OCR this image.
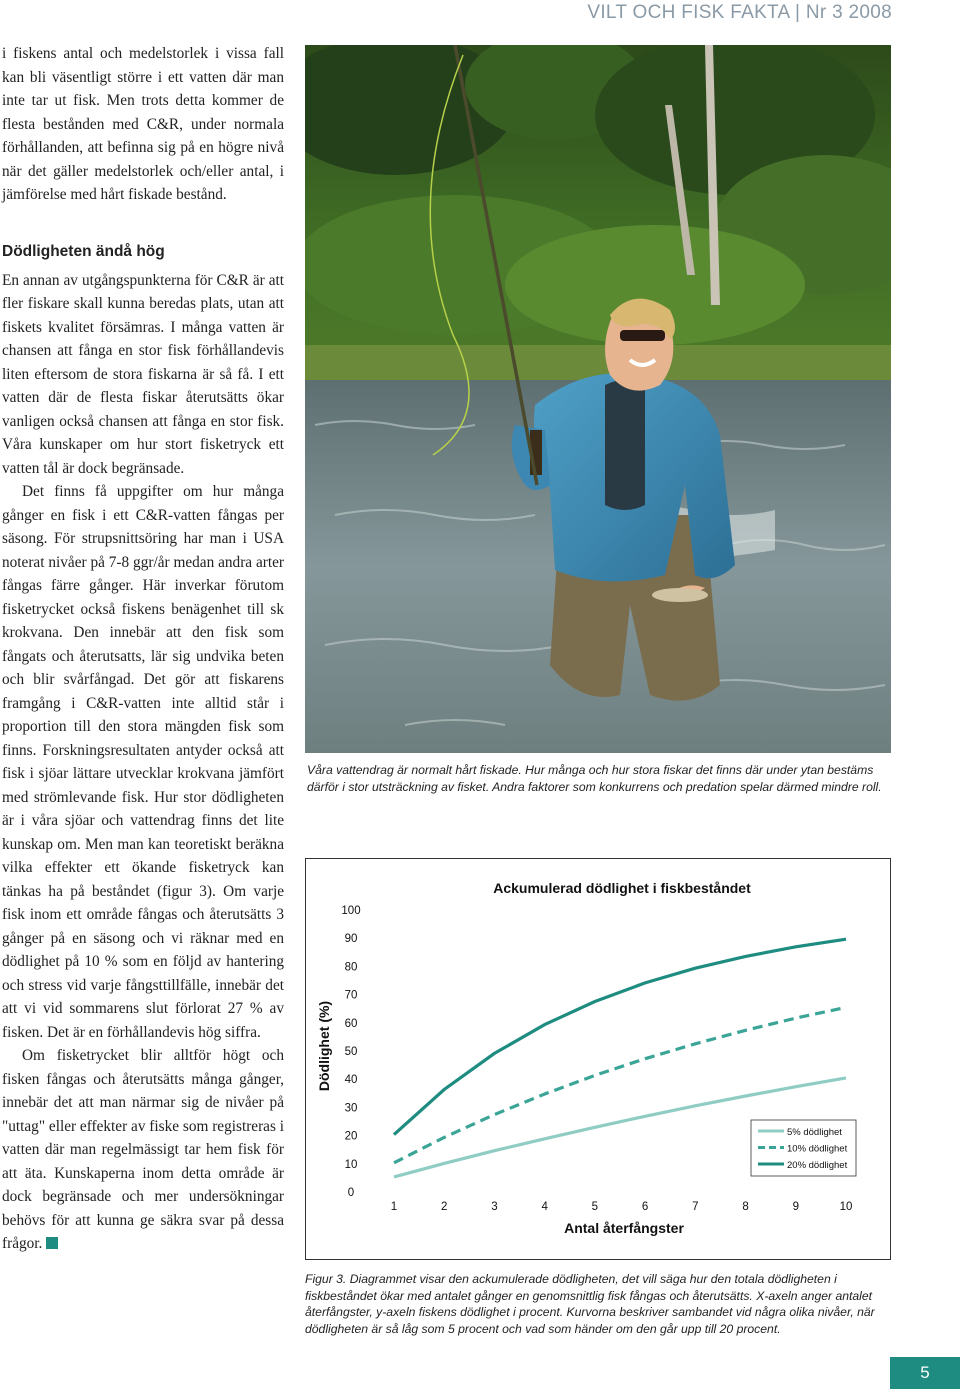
VILT OCH FISK FAKTA | Nr 3 2008

i fiskens antal och medelstorlek i vissa fall kan bli väsentligt större i ett vatten där man inte tar ut fisk. Men trots detta kommer de flesta bestånden med C&R, under normala förhållanden, att befinna sig på en högre nivå när det gäller medelstorlek och/eller antal, i jämförelse med hårt fiskade bestånd.

Dödligheten ändå hög

En annan av utgångspunkterna för C&R är att fler fiskare skall kunna beredas plats, utan att fiskets kvalitet försämras. I många vatten är chansen att fånga en stor fisk förhållandevis liten eftersom de stora fiskarna är så få. I ett vatten där de flesta fiskar återutsätts ökar vanligen också chansen att fånga en stor fisk. Våra kunskaper om hur stort fisketryck ett vatten tål är dock begränsade.

Det finns få uppgifter om hur många gånger en fisk i ett C&R-vatten fångas per säsong. För strupsnittsöring har man i USA noterat nivåer på 7-8 ggr/år medan andra arter fångas färre gånger. Här inverkar förutom fisketrycket också fiskens benägenhet till sk krokvana. Den innebär att den fisk som fångats och återutsatts, lär sig undvika beten och blir svårfångad. Det gör att fiskarens framgång i C&R-vatten inte alltid står i proportion till den stora mängden fisk som finns. Forskningsresultaten antyder också att fisk i sjöar lättare utvecklar krokvana jämfört med strömlevande fisk. Hur stor dödligheten är i våra sjöar och vattendrag finns det lite kunskap om. Men man kan teoretiskt beräkna vilka effekter ett ökande fisketryck kan tänkas ha på beståndet (figur 3). Om varje fisk inom ett område fångas och återutsätts 3 gånger på en säsong och vi räknar med en dödlighet på 10 % som en följd av hantering och stress vid varje fångsttillfälle, innebär det att vi vid sommarens slut förlorat 27 % av fisken. Det är en förhållandevis hög siffra.

Om fisketrycket blir alltför högt och fisken fångas och återutsätts många gånger, innebär det att man närmar sig de nivåer på "uttag" eller effekter av fiske som registreras i vatten där man regelmässigt tar hem fisk för att äta. Kunskaperna inom detta område är dock begränsade och mer undersökningar behövs för att kunna ge säkra svar på dessa frågor.

Våra vattendrag är normalt hårt fiskade. Hur många och hur stora fiskar det finns där under ytan bestäms därför i stor utsträckning av fisket. Andra faktorer som konkurrens och predation spelar därmed mindre roll.
Ackumulerad dödlighet i fiskbeståndet
Dödlighet (%)
Antal återfångster
0
10
20
30
40
50
60
70
80
90
100
1	2	3	4	5	6	7	8	9	10
5% dödlighet
10% dödlighet
20% dödlighet
Figur 3. Diagrammet visar den ackumulerade dödligheten, det vill säga hur den totala dödligheten i fiskbeståndet ökar med antalet gånger en genomsnittlig fisk fångas och återutsätts. X-axeln anger antalet återfångster, y-axeln fiskens dödlighet i procent. Kurvorna beskriver sambandet vid några olika nivåer, när dödligheten är så låg som 5 procent och vad som händer om den går upp till 20 procent.
5
